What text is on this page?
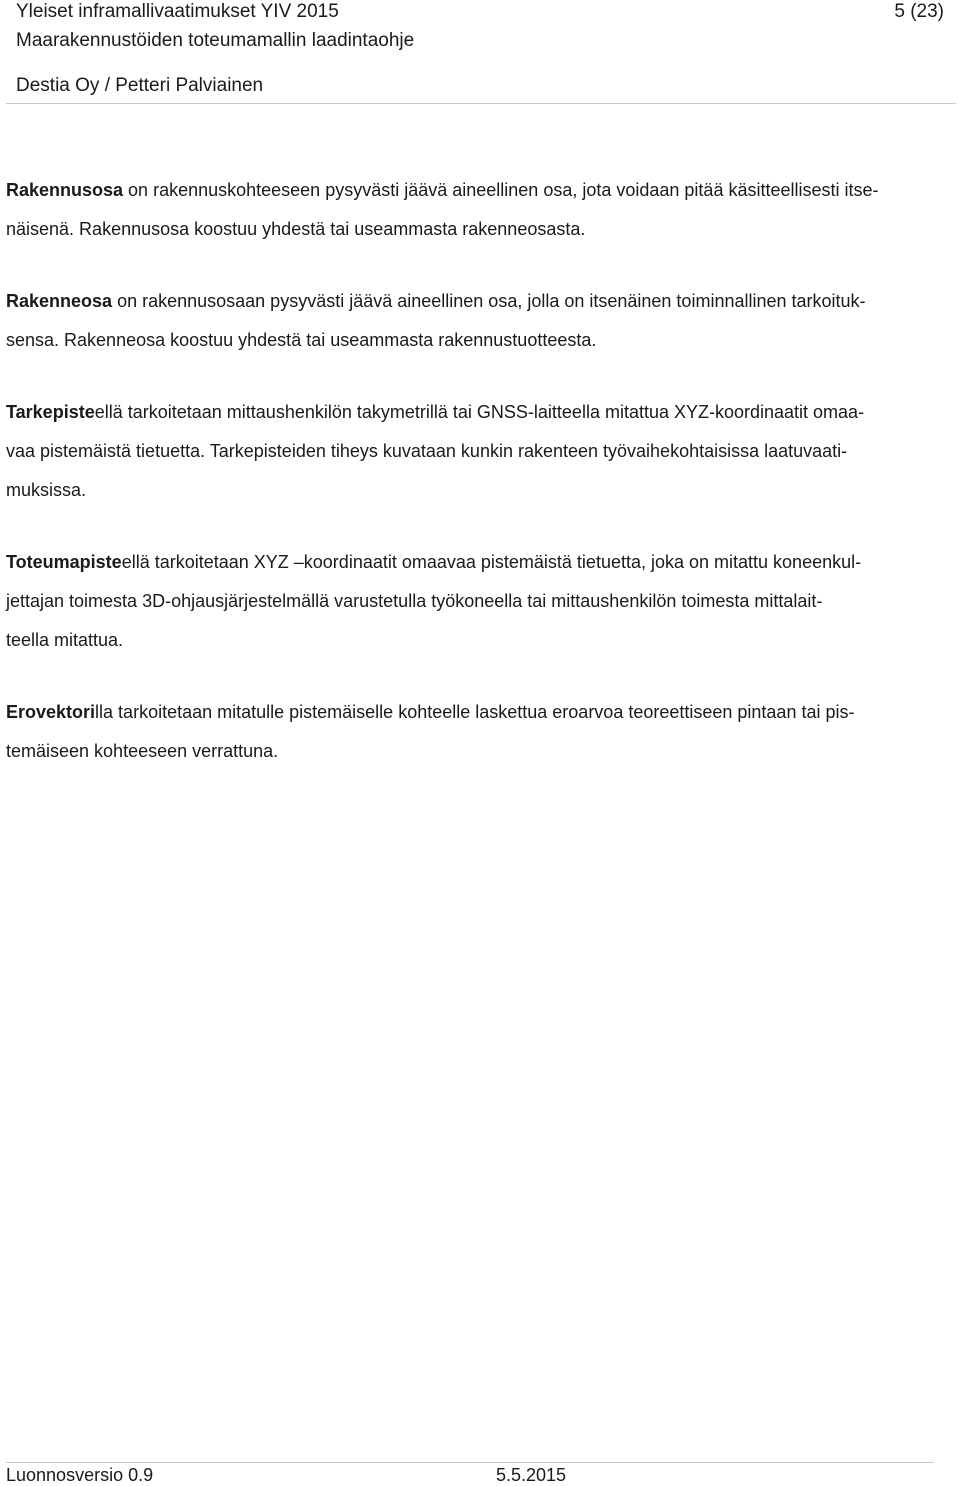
Yleiset inframallivaatimukset YIV 2015	5 (23)
Maarakennustöiden toteumamallin laadintaohje
Destia Oy / Petteri Palviainen

Rakennusosa on rakennuskohteeseen pysyvästi jäävä aineellinen osa, jota voidaan pitää käsitteellisesti itse-
näisenä. Rakennusosa koostuu yhdestä tai useammasta rakenneosasta.

Rakenneosa on rakennusosaan pysyvästi jäävä aineellinen osa, jolla on itsenäinen toiminnallinen tarkoituk-
sensa. Rakenneosa koostuu yhdestä tai useammasta rakennustuotteesta.

Tarkepisteellä tarkoitetaan mittaushenkilön takymetrillä tai GNSS-laitteella mitattua XYZ-koordinaatit omaa-
vaa pistemäistä tietuetta. Tarkepisteiden tiheys kuvataan kunkin rakenteen työvaihekohtaisissa laatuvaati-
muksissa.

Toteumapisteellä tarkoitetaan XYZ –koordinaatit omaavaa pistemäistä tietuetta, joka on mitattu koneenkul-
jettajan toimesta 3D-ohjausjärjestelmällä varustetulla työkoneella tai mittaushenkilön toimesta mittalait-
teella mitattua.

Erovektorilla tarkoitetaan mitatulle pistemäiselle kohteelle laskettua eroarvoa teoreettiseen pintaan tai pis-
temäiseen kohteeseen verrattuna.

Luonnosversio 0.9	5.5.2015
